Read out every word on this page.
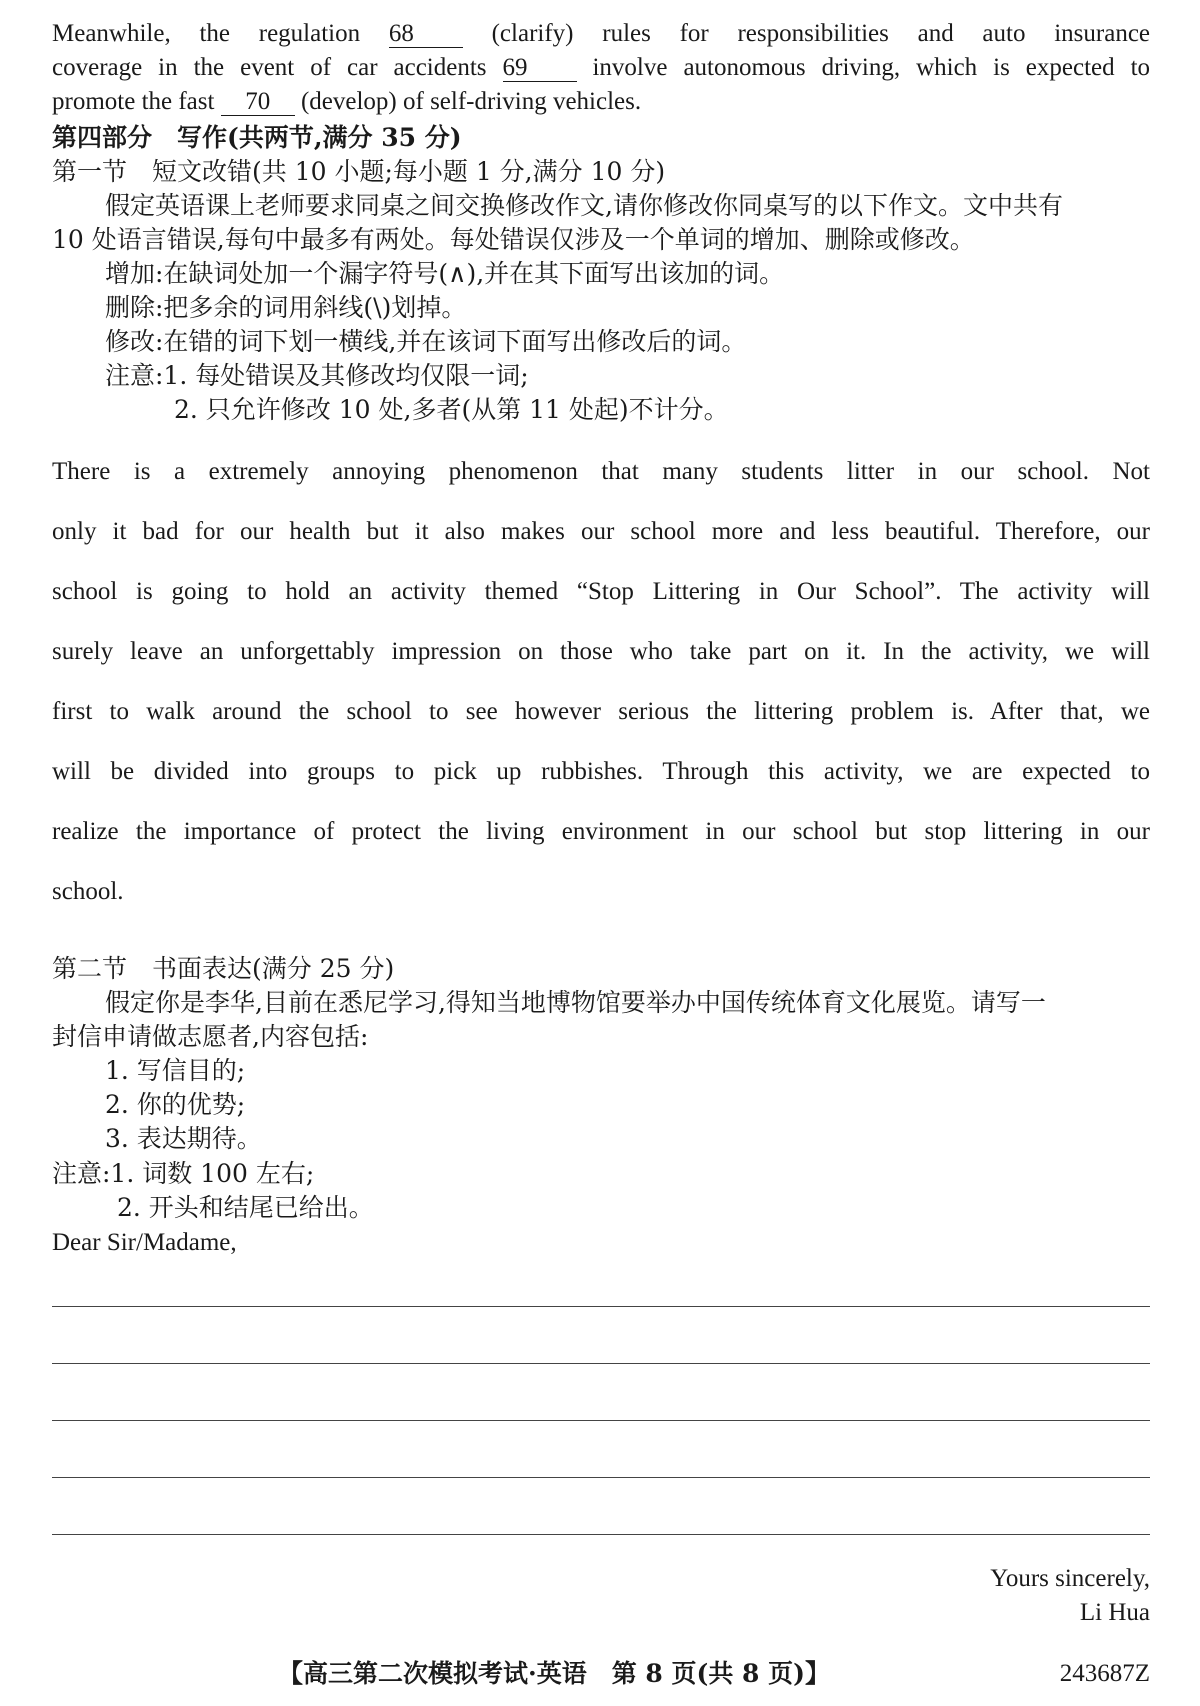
Meanwhile, the regulation 68	(clarify) rules for responsibilities and auto insurance
coverage in the event of car accidents 69	involve autonomous driving, which is expected to
promote the fast 70 (develop) of self-driving vehicles.
第四部分　写作(共两节,满分 35 分)
第一节　短文改错(共 10 小题;每小题 1 分,满分 10 分)
假定英语课上老师要求同桌之间交换修改作文,请你修改你同桌写的以下作文。文中共有
10 处语言错误,每句中最多有两处。每处错误仅涉及一个单词的增加、删除或修改。
增加:在缺词处加一个漏字符号(∧),并在其下面写出该加的词。
删除:把多余的词用斜线(\)划掉。
修改:在错的词下划一横线,并在该词下面写出修改后的词。
注意:1. 每处错误及其修改均仅限一词;
2. 只允许修改 10 处,多者(从第 11 处起)不计分。
There is a extremely annoying phenomenon that many students litter in our school. Not
only it bad for our health but it also makes our school more and less beautiful. Therefore, our
school is going to hold an activity themed “Stop Littering in Our School”. The activity will
surely leave an unforgettably impression on those who take part on it. In the activity, we will
first to walk around the school to see however serious the littering problem is. After that, we
will be divided into groups to pick up rubbishes. Through this activity, we are expected to
realize the importance of protect the living environment in our school but stop littering in our
school.
第二节　书面表达(满分 25 分)
假定你是李华,目前在悉尼学习,得知当地博物馆要举办中国传统体育文化展览。请写一
封信申请做志愿者,内容包括:
1. 写信目的;
2. 你的优势;
3. 表达期待。
注意:1. 词数 100 左右;
2. 开头和结尾已给出。
Dear Sir/Madame,
Yours sincerely,
Li Hua
【高三第二次模拟考试·英语　第 8 页(共 8 页)】	243687Z
